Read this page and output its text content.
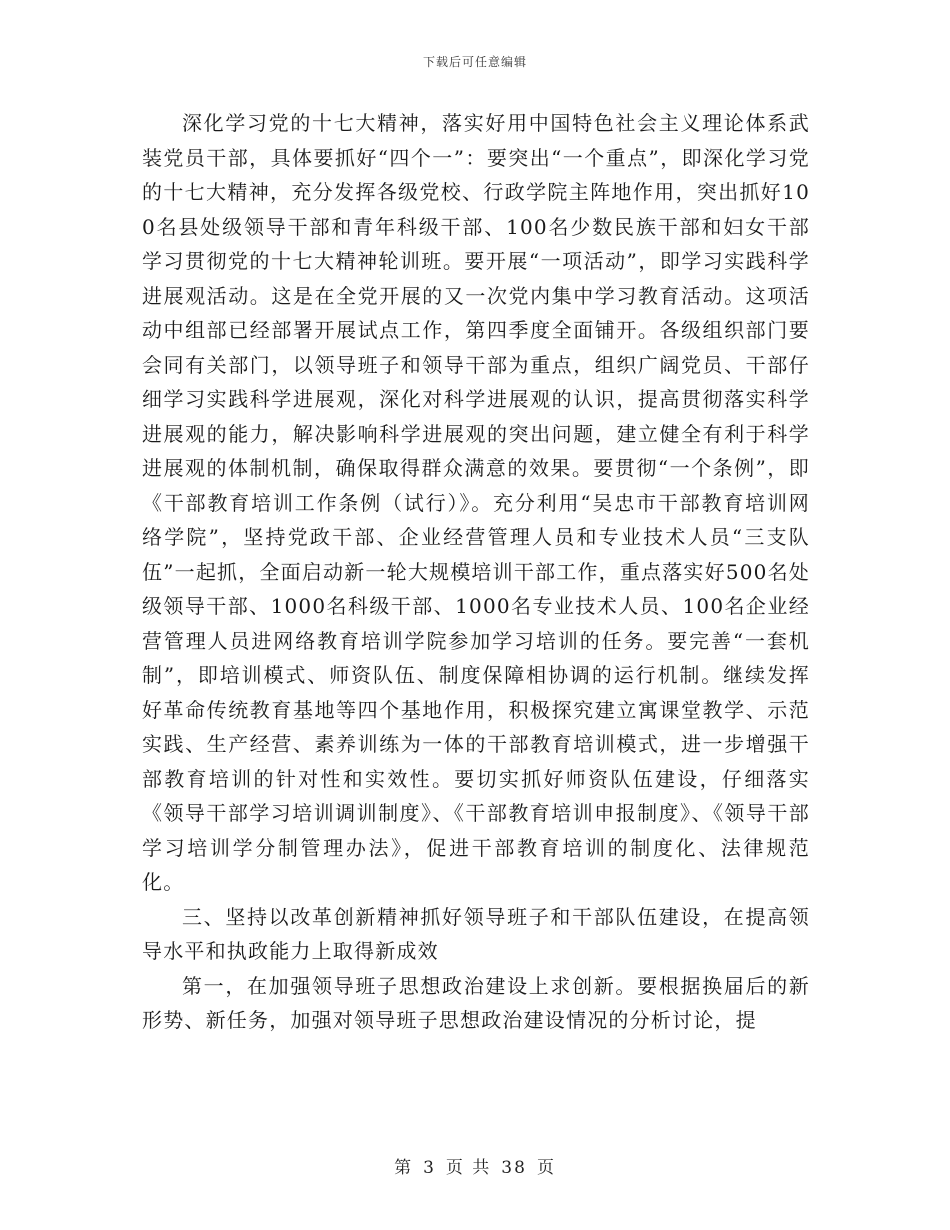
下载后可任意编辑

深化学习党的十七大精神，落实好用中国特色社会主义理论体系武装党员干部，具体要抓好“四个一”：要突出“一个重点”，即深化学习党的十七大精神，充分发挥各级党校、行政学院主阵地作用，突出抓好100名县处级领导干部和青年科级干部、100名少数民族干部和妇女干部学习贯彻党的十七大精神轮训班。要开展“一项活动”，即学习实践科学进展观活动。这是在全党开展的又一次党内集中学习教育活动。这项活动中组部已经部署开展试点工作，第四季度全面铺开。各级组织部门要会同有关部门，以领导班子和领导干部为重点，组织广阔党员、干部仔细学习实践科学进展观，深化对科学进展观的认识，提高贯彻落实科学进展观的能力，解决影响科学进展观的突出问题，建立健全有利于科学进展观的体制机制，确保取得群众满意的效果。要贯彻“一个条例”，即《干部教育培训工作条例（试行）》。充分利用“吴忠市干部教育培训网络学院”，坚持党政干部、企业经营管理人员和专业技术人员“三支队伍”一起抓，全面启动新一轮大规模培训干部工作，重点落实好500名处级领导干部、1000名科级干部、1000名专业技术人员、100名企业经营管理人员进网络教育培训学院参加学习培训的任务。要完善“一套机制”，即培训模式、师资队伍、制度保障相协调的运行机制。继续发挥好革命传统教育基地等四个基地作用，积极探究建立寓课堂教学、示范实践、生产经营、素养训练为一体的干部教育培训模式，进一步增强干部教育培训的针对性和实效性。要切实抓好师资队伍建设，仔细落实《领导干部学习培训调训制度》、《干部教育培训申报制度》、《领导干部学习培训学分制管理办法》，促进干部教育培训的制度化、法律规范化。

三、坚持以改革创新精神抓好领导班子和干部队伍建设，在提高领导水平和执政能力上取得新成效

第一，在加强领导班子思想政治建设上求创新。要根据换届后的新形势、新任务，加强对领导班子思想政治建设情况的分析讨论，提

第 3 页 共 38 页
